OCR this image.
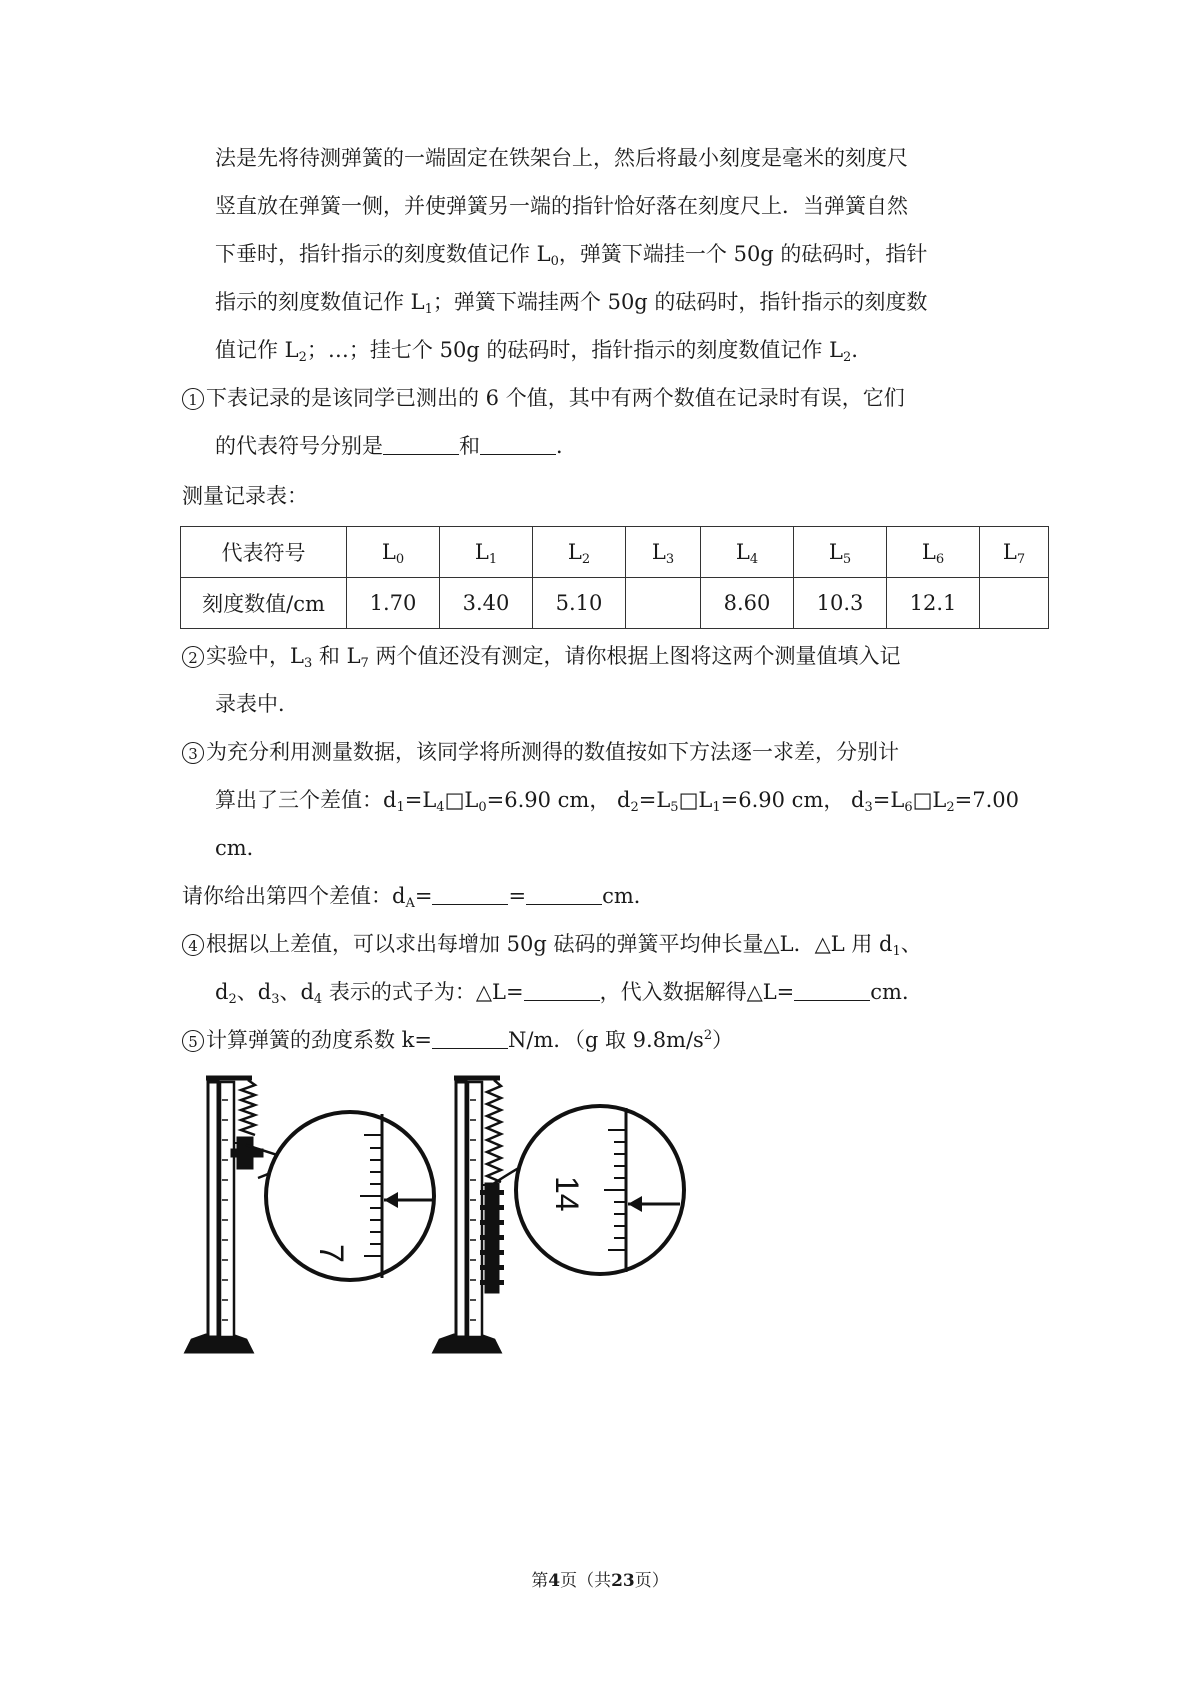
法是先将待测弹簧的一端固定在铁架台上，然后将最小刻度是毫米的刻度尺
竖直放在弹簧一侧，并使弹簧另一端的指针恰好落在刻度尺上．当弹簧自然
下垂时，指针指示的刻度数值记作 $L_0$，弹簧下端挂一个 50g 的砝码时，指针
指示的刻度数值记作 $L_1$；弹簧下端挂两个 50g 的砝码时，指针指示的刻度数
值记作 $L_2$；…；挂七个 50g 的砝码时，指针指示的刻度数值记作 $L_2$．
1 下表记录的是该同学已测出的 6 个值，其中有两个数值在记录时有误，它们
的代表符号分别是	和	．
测量记录表：
代表符号	$L_0$	$L_1$	$L_2$	$L_3$	$L_4$	$L_5$	$L_6$	$L_7$
刻度数值/cm	1.70	3.40	5.10		8.60	10.3	12.1	
2 实验中，$L_3$ 和 $L_7$ 两个值还没有测定，请你根据上图将这两个测量值填入记
录表中．
3 为充分利用测量数据，该同学将所测得的数值按如下方法逐一求差，分别计
算出了三个差值：$d_1=L_4□L_0=6.90$ cm， $d_2=L_5□L_1=6.90$ cm， $d_3=L_6□L_2=7.00$
cm．
请你给出第四个差值：$d_A=$	=	cm．
4 根据以上差值，可以求出每增加 50g 砝码的弹簧平均伸长量△L．△L 用 $d_1$、
$d_2$、$d_3$、$d_4$ 表示的式子为：△L=	，代入数据解得△L=	cm．
5 计算弹簧的劲度系数 k=	N/m．（g 取 $9.8m/s^2$）
7
14
第4页（共23页）
